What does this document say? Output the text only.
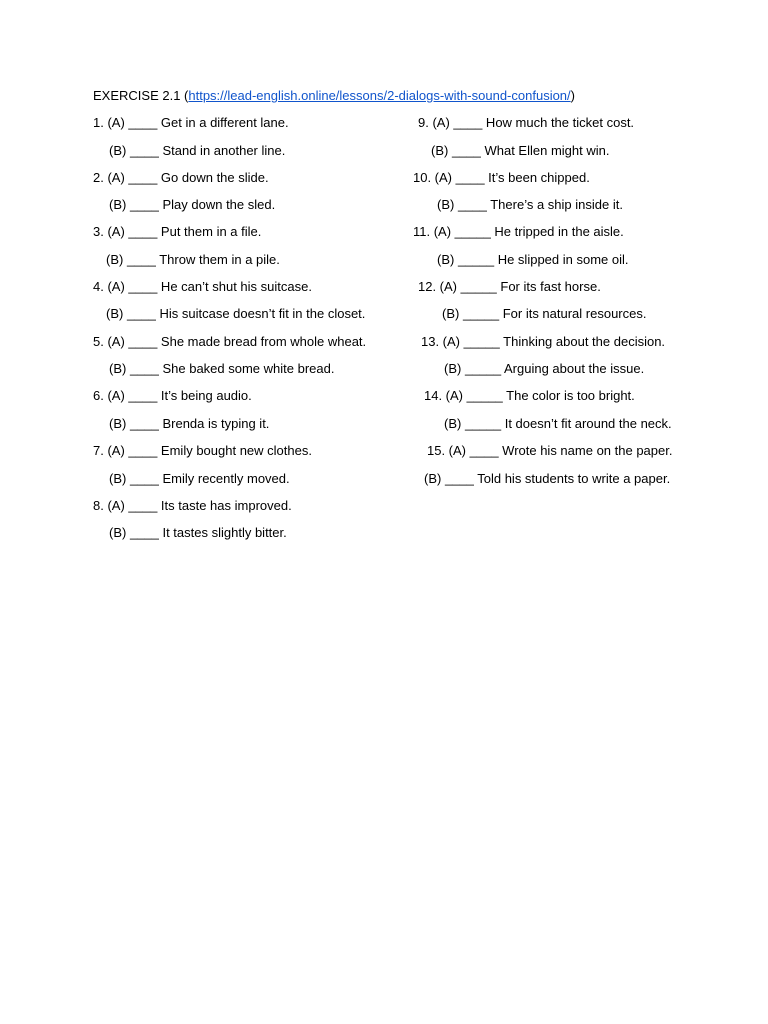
EXERCISE 2.1 (https://lead-english.online/lessons/2-dialogs-with-sound-confusion/)
1. (A) ____ Get in a different lane.
(B) ____ Stand in another line.
2. (A) ____ Go down the slide.
(B) ____ Play down the sled.
3. (A) ____ Put them in a file.
(B) ____ Throw them in a pile.
4. (A) ____ He can’t shut his suitcase.
(B) ____ His suitcase doesn’t fit in the closet.
5. (A) ____ She made bread from whole wheat.
(B) ____ She baked some white bread.
6. (A) ____ It’s being audio.
(B) ____ Brenda is typing it.
7. (A) ____ Emily bought new clothes.
(B) ____ Emily recently moved.
8. (A) ____ Its taste has improved.
(B) ____ It tastes slightly bitter.
9. (A) ____ How much the ticket cost.
(B) ____ What Ellen might win.
10. (A) ____ It’s been chipped.
(B) ____ There’s a ship inside it.
11. (A) _____ He tripped in the aisle.
(B) _____ He slipped in some oil.
12. (A) _____ For its fast horse.
(B) _____ For its natural resources.
13. (A) _____ Thinking about the decision.
(B) _____ Arguing about the issue.
14. (A) _____ The color is too bright.
(B) _____ It doesn’t fit around the neck.
15. (A) ____ Wrote his name on the paper.
(B) ____ Told his students to write a paper.
